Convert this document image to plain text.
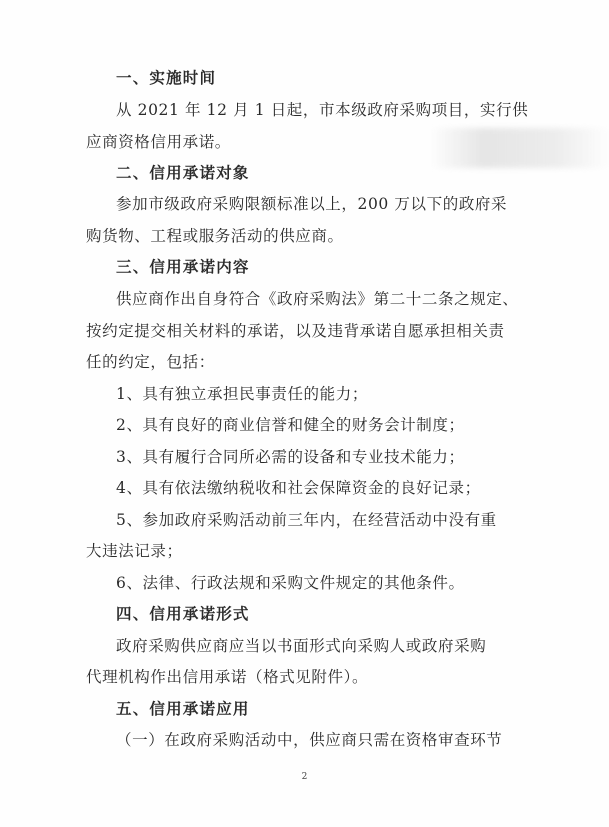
一、实施时间
从 2021 年 12 月 1 日起，市本级政府采购项目，实行供
应商资格信用承诺。
二、信用承诺对象
参加市级政府采购限额标准以上，200 万以下的政府采
购货物、工程或服务活动的供应商。
三、信用承诺内容
供应商作出自身符合《政府采购法》第二十二条之规定、
按约定提交相关材料的承诺，以及违背承诺自愿承担相关责
任的约定，包括：
1、具有独立承担民事责任的能力；
2、具有良好的商业信誉和健全的财务会计制度；
3、具有履行合同所必需的设备和专业技术能力；
4、具有依法缴纳税收和社会保障资金的良好记录；
5、参加政府采购活动前三年内，在经营活动中没有重
大违法记录；
6、法律、行政法规和采购文件规定的其他条件。
四、信用承诺形式
政府采购供应商应当以书面形式向采购人或政府采购
代理机构作出信用承诺（格式见附件）。
五、信用承诺应用
（一）在政府采购活动中，供应商只需在资格审查环节
2
